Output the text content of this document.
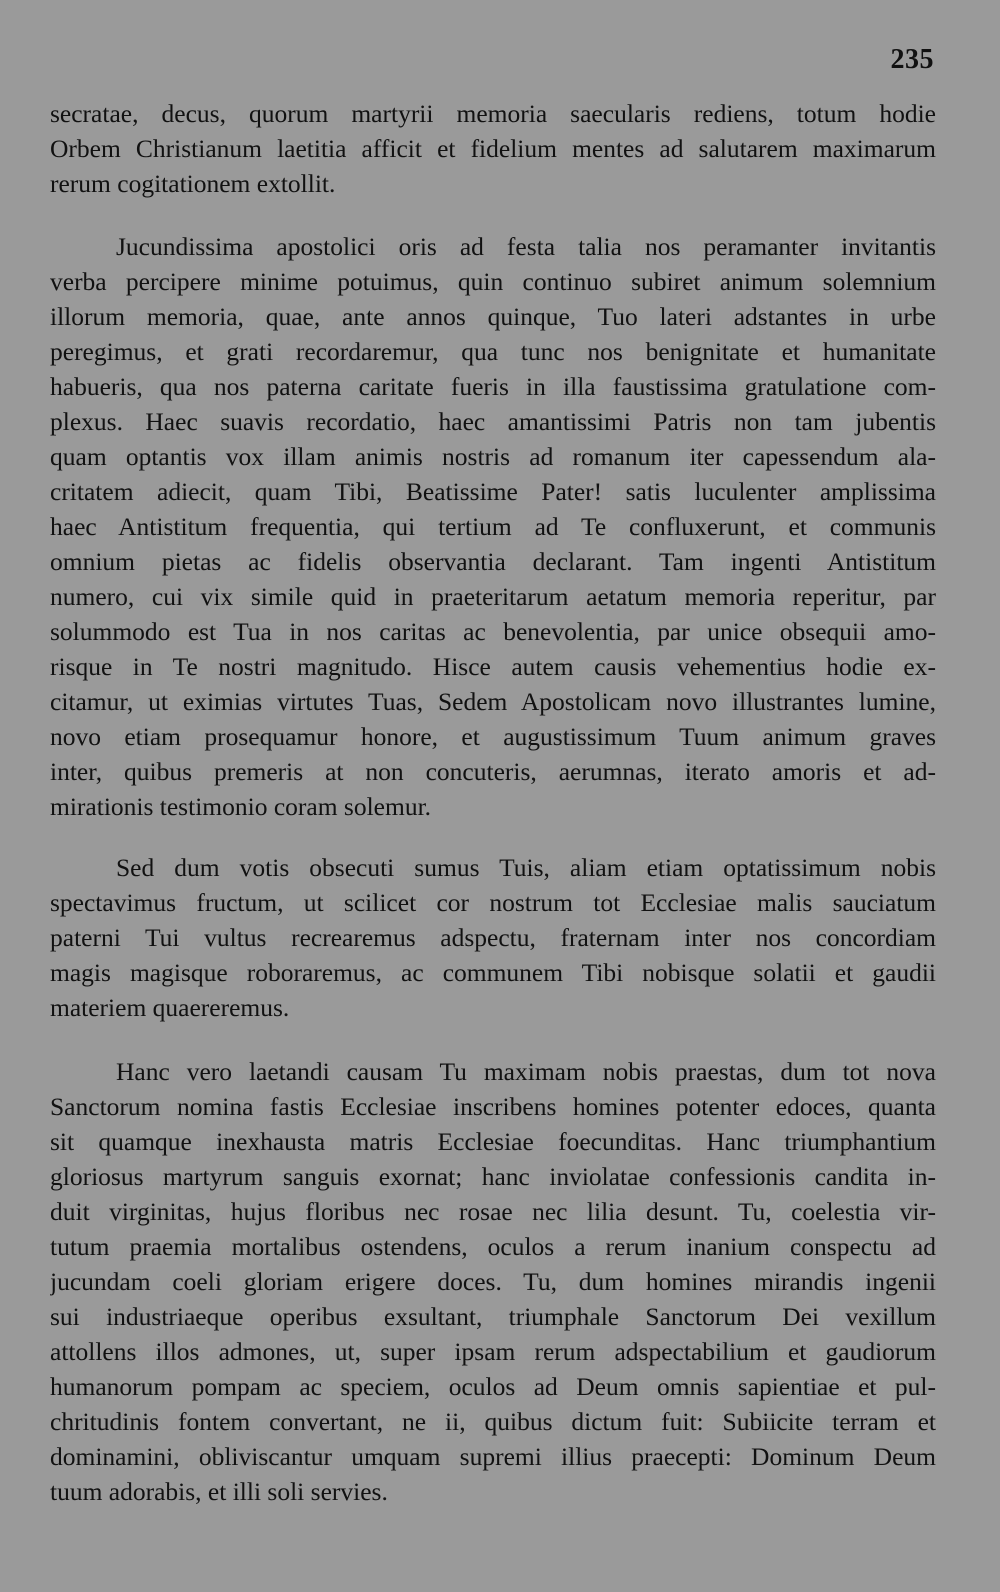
235
secratae, decus, quorum martyrii memoria saecularis rediens, totum hodie
Orbem Christianum laetitia afficit et fidelium mentes ad salutarem maximarum
rerum cogitationem extollit.
Jucundissima apostolici oris ad festa talia nos peramanter invitantis
verba percipere minime potuimus, quin continuo subiret animum solemnium
illorum memoria, quae, ante annos quinque, Tuo lateri adstantes in urbe
peregimus, et grati recordaremur, qua tunc nos benignitate et humanitate
habueris, qua nos paterna caritate fueris in illa faustissima gratulatione com-
plexus. Haec suavis recordatio, haec amantissimi Patris non tam jubentis
quam optantis vox illam animis nostris ad romanum iter capessendum ala-
critatem adiecit, quam Tibi, Beatissime Pater! satis luculenter amplissima
haec Antistitum frequentia, qui tertium ad Te confluxerunt, et communis
omnium pietas ac fidelis observantia declarant. Tam ingenti Antistitum
numero, cui vix simile quid in praeteritarum aetatum memoria reperitur, par
solummodo est Tua in nos caritas ac benevolentia, par unice obsequii amo-
risque in Te nostri magnitudo. Hisce autem causis vehementius hodie ex-
citamur, ut eximias virtutes Tuas, Sedem Apostolicam novo illustrantes lumine,
novo etiam prosequamur honore, et augustissimum Tuum animum graves
inter, quibus premeris at non concuteris, aerumnas, iterato amoris et ad-
mirationis testimonio coram solemur.
Sed dum votis obsecuti sumus Tuis, aliam etiam optatissimum nobis
spectavimus fructum, ut scilicet cor nostrum tot Ecclesiae malis sauciatum
paterni Tui vultus recrearemus adspectu, fraternam inter nos concordiam
magis magisque roboraremus, ac communem Tibi nobisque solatii et gaudii
materiem quaereremus.
Hanc vero laetandi causam Tu maximam nobis praestas, dum tot nova
Sanctorum nomina fastis Ecclesiae inscribens homines potenter edoces, quanta
sit quamque inexhausta matris Ecclesiae foecunditas. Hanc triumphantium
gloriosus martyrum sanguis exornat; hanc inviolatae confessionis candita in-
duit virginitas, hujus floribus nec rosae nec lilia desunt. Tu, coelestia vir-
tutum praemia mortalibus ostendens, oculos a rerum inanium conspectu ad
jucundam coeli gloriam erigere doces. Tu, dum homines mirandis ingenii
sui industriaeque operibus exsultant, triumphale Sanctorum Dei vexillum
attollens illos admones, ut, super ipsam rerum adspectabilium et gaudiorum
humanorum pompam ac speciem, oculos ad Deum omnis sapientiae et pul-
chritudinis fontem convertant, ne ii, quibus dictum fuit: Subiicite terram et
dominamini, obliviscantur umquam supremi illius praecepti: Dominum Deum
tuum adorabis, et illi soli servies.
